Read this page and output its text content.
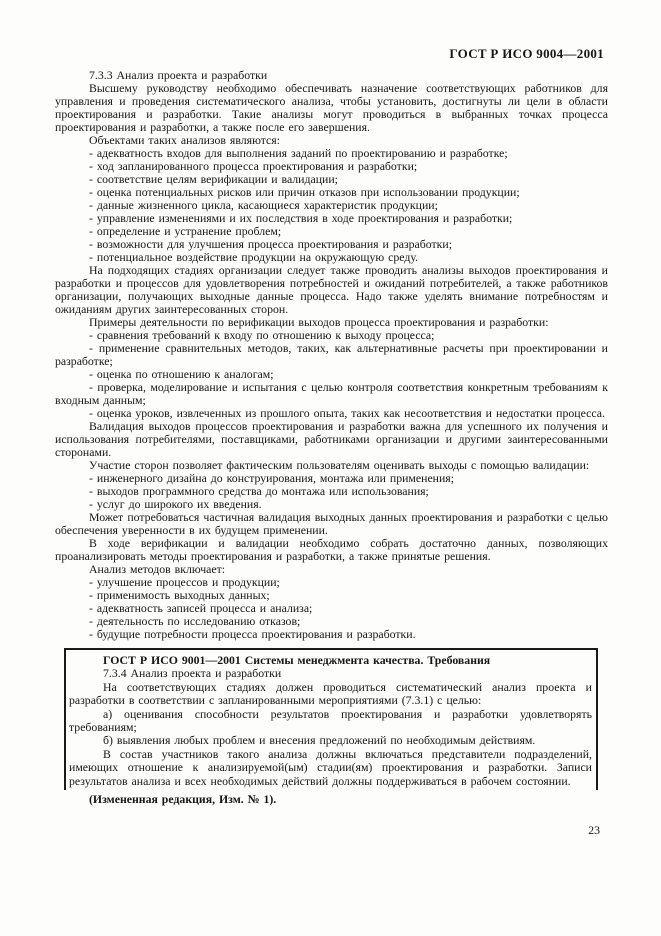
ГОСТ Р ИСО 9004—2001

7.3.3 Анализ проекта и разработки

Высшему руководству необходимо обеспечивать назначение соответствующих работников для управления и проведения систематического анализа, чтобы установить, достигнуты ли цели в области проектирования и разработки. Такие анализы могут проводиться в выбранных точках процесса проектирования и разработки, а также после его завершения.

Объектами таких анализов являются:

- адекватность входов для выполнения заданий по проектированию и разработке;

- ход запланированного процесса проектирования и разработки;

- соответствие целям верификации и валидации;

- оценка потенциальных рисков или причин отказов при использовании продукции;

- данные жизненного цикла, касающиеся характеристик продукции;

- управление изменениями и их последствия в ходе проектирования и разработки;

- определение и устранение проблем;

- возможности для улучшения процесса проектирования и разработки;

- потенциальное воздействие продукции на окружающую среду.

На подходящих стадиях организации следует также проводить анализы выходов проектирования и разработки и процессов для удовлетворения потребностей и ожиданий потребителей, а также работников организации, получающих выходные данные процесса. Надо также уделять внимание потребностям и ожиданиям других заинтересованных сторон.

Примеры деятельности по верификации выходов процесса проектирования и разработки:

- сравнения требований к входу по отношению к выходу процесса;

- применение сравнительных методов, таких, как альтернативные расчеты при проектировании и разработке;

- оценка по отношению к аналогам;

- проверка, моделирование и испытания с целью контроля соответствия конкретным требованиям к входным данным;

- оценка уроков, извлеченных из прошлого опыта, таких как несоответствия и недостатки процесса.

Валидация выходов процессов проектирования и разработки важна для успешного их получения и использования потребителями, поставщиками, работниками организации и другими заинтересованными сторонами.

Участие сторон позволяет фактическим пользователям оценивать выходы с помощью валидации:

- инженерного дизайна до конструирования, монтажа или применения;

- выходов программного средства до монтажа или использования;

- услуг до широкого их введения.

Может потребоваться частичная валидация выходных данных проектирования и разработки с целью обеспечения уверенности в их будущем применении.

В ходе верификации и валидации необходимо собрать достаточно данных, позволяющих проанализировать методы проектирования и разработки, а также принятые решения.

Анализ методов включает:

- улучшение процессов и продукции;

- применимость выходных данных;

- адекватность записей процесса и анализа;

- деятельность по исследованию отказов;

- будущие потребности процесса проектирования и разработки.

ГОСТ Р ИСО 9001—2001 Системы менеджмента качества. Требования

7.3.4 Анализ проекта и разработки

На соответствующих стадиях должен проводиться систематический анализ проекта и разработки в соответствии с запланированными мероприятиями (7.3.1) с целью:

а) оценивания способности результатов проектирования и разработки удовлетворять требованиям;

б) выявления любых проблем и внесения предложений по необходимым действиям.

В состав участников такого анализа должны включаться представители подразделений, имеющих отношение к анализируемой(ым) стадии(ям) проектирования и разработки. Записи результатов анализа и всех необходимых действий должны поддерживаться в рабочем состоянии.

(Измененная редакция, Изм. № 1).

23
